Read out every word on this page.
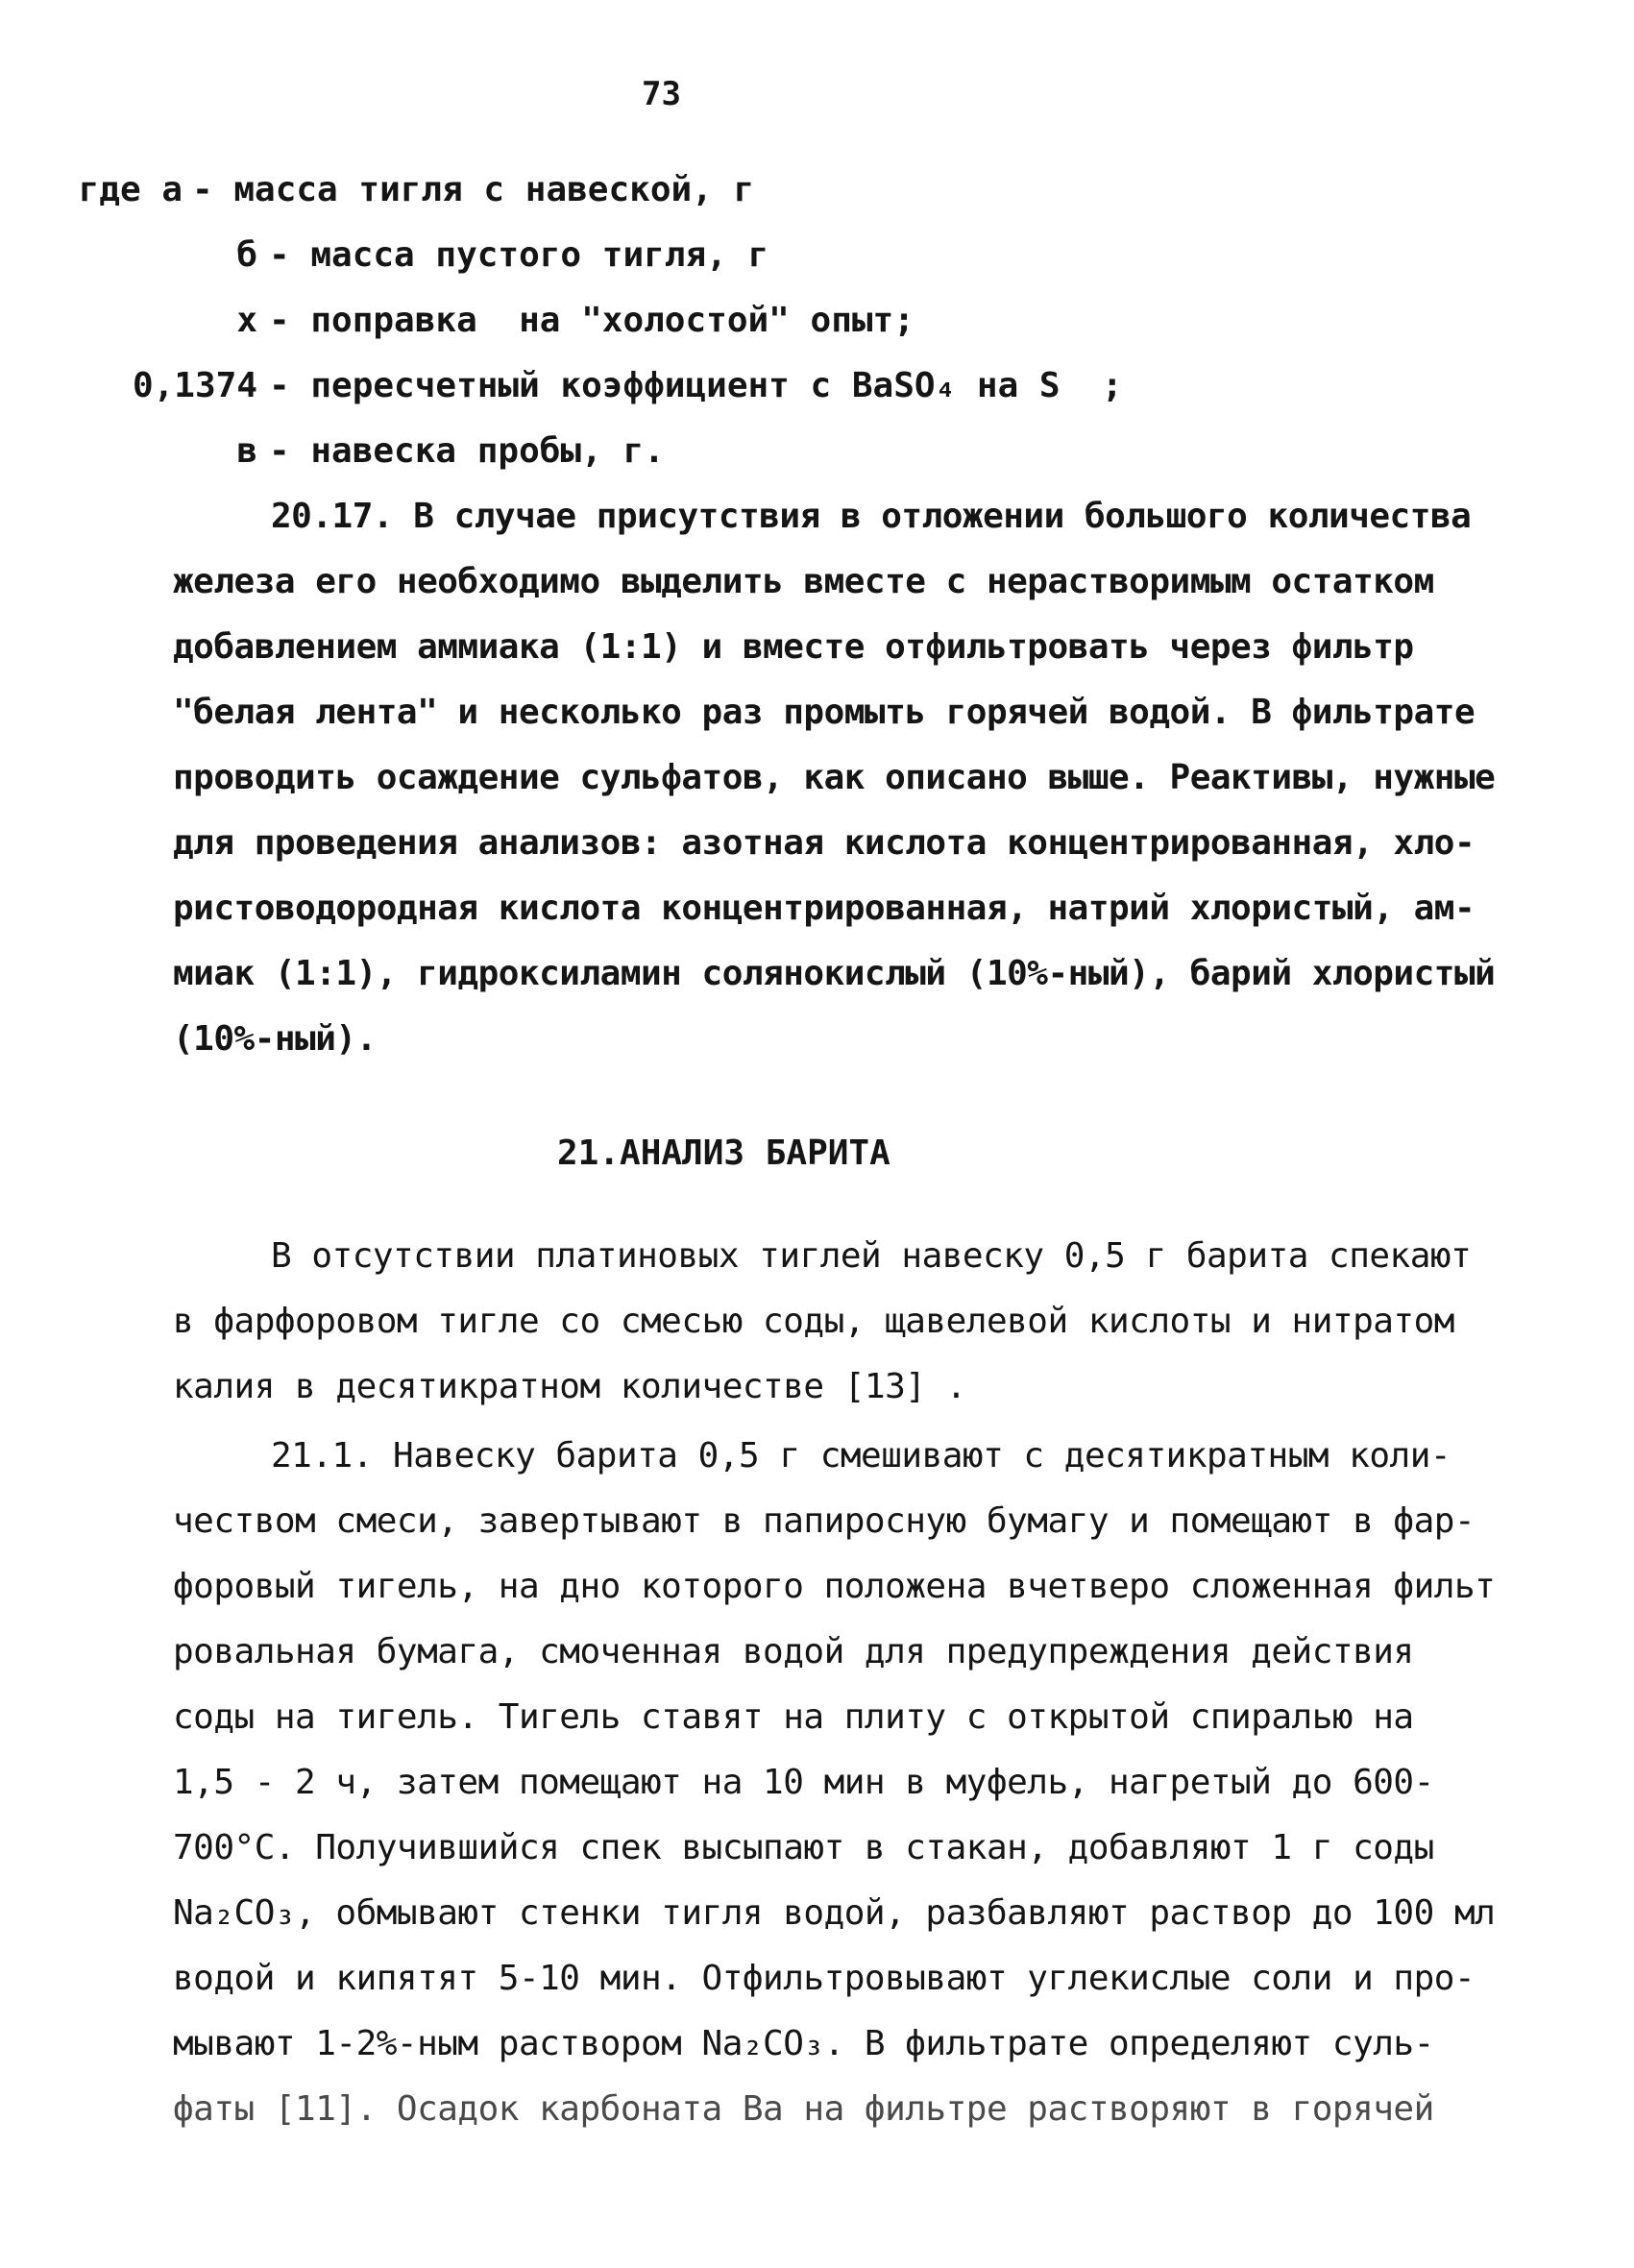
73
где а - масса тигля с навеской, г
б - масса пустого тигля, г
х - поправка  на "холостой" опыт;
0,1374 - пересчетный коэффициент с BaSO₄ на S  ;
в - навеска пробы, г.
20.17. В случае присутствия в отложении большого количества
железа его необходимо выделить вместе с нерастворимым остатком
добавлением аммиака (1:1) и вместе отфильтровать через фильтр
"белая лента" и несколько раз промыть горячей водой. В фильтрате
проводить осаждение сульфатов, как описано выше. Реактивы, нужные
для проведения анализов: азотная кислота концентрированная, хло-
ристоводородная кислота концентрированная, натрий хлористый, ам-
миак (1:1), гидроксиламин солянокислый (10%-ный), барий хлористый
(10%-ный).
21.АНАЛИЗ БАРИТА
В отсутствии платиновых тиглей навеску 0,5 г барита спекают
в фарфоровом тигле со смесью соды, щавелевой кислоты и нитратом
калия в десятикратном количестве [13] .
21.1. Навеску барита 0,5 г смешивают с десятикратным коли-
чеством смеси, завертывают в папиросную бумагу и помещают в фар-
форовый тигель, на дно которого положена вчетверо сложенная фильт
ровальная бумага, смоченная водой для предупреждения действия
соды на тигель. Тигель ставят на плиту с открытой спиралью на
1,5 - 2 ч, затем помещают на 10 мин в муфель, нагретый до 600-
700°С. Получившийся спек высыпают в стакан, добавляют 1 г соды
Na₂CO₃, обмывают стенки тигля водой, разбавляют раствор до 100 мл
водой и кипятят 5-10 мин. Отфильтровывают углекислые соли и про-
мывают 1-2%-ным раствором Na₂CO₃. В фильтрате определяют суль-
фаты [11]. Осадок карбоната Ва на фильтре растворяют в горячей
